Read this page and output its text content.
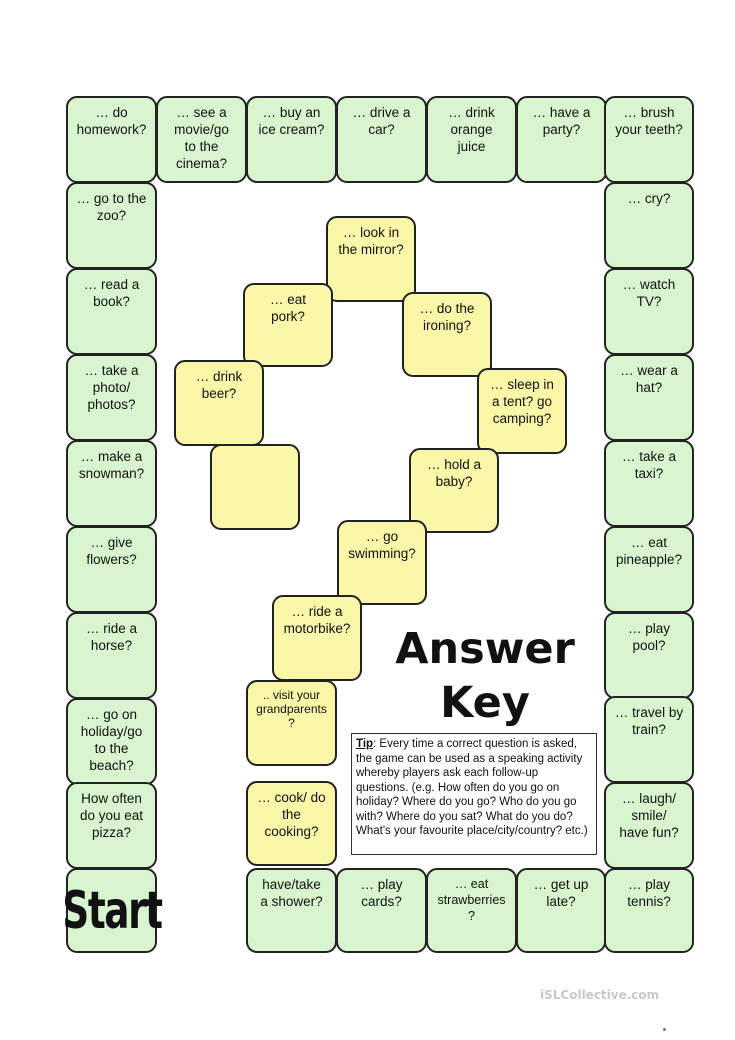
… do
homework?
… see a
movie/go
to the
cinema?
… buy an
ice cream?
… drive a
car?
… drink
orange
juice
… have a
party?
… brush
your teeth?
… go to the
zoo?
… read a
book?
… take a
photo/
photos?
… make a
snowman?
… give
flowers?
… ride a
horse?
… go on
holiday/go
to the
beach?
How often
do you eat
pizza?
Start
… cry?
… watch
TV?
… wear a
hat?
… take a
taxi?
… eat
pineapple?
… play
pool?
… travel by
train?
… laugh/
smile/
have fun?
… play
tennis?
have/take
a shower?
… play
cards?
… eat
strawberries
?
… get up
late?
… look in
the mirror?
… eat
pork?
… do the
ironing?
… drink
beer?
… sleep in
a tent? go
camping?
… hold a
baby?
… go
swimming?
… ride a
motorbike?
.. visit your
grandparents
?
… cook/ do
the
cooking?
Answer
Key
Tip: Every time a correct question is asked, the game can be used as a speaking activity whereby players ask each follow-up questions. (e.g. How often do you go on holiday? Where do you go? Who do you go with? Where do you sat? What do you do? What's your favourite place/city/country? etc.)
iSLCollective.com
